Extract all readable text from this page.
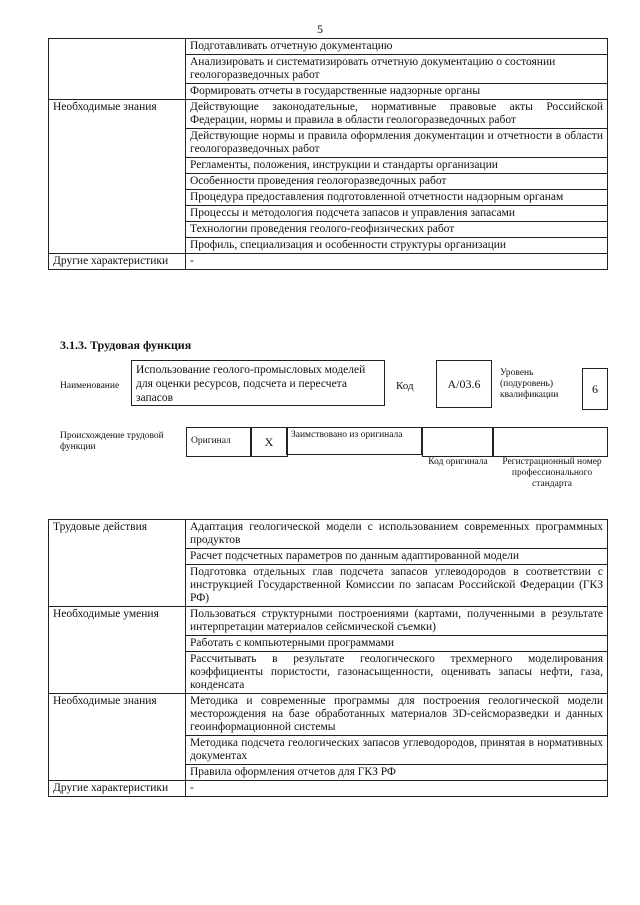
5
	Подготавливать отчетную документацию
	Анализировать и систематизировать отчетную документацию о состоянии геологоразведочных работ
	Формировать отчеты в государственные надзорные органы
Необходимые знания	Действующие законодательные, нормативные правовые акты Российской Федерации, нормы и правила в области геологоразведочных работ
	Действующие нормы и правила оформления документации и отчетности в области геологоразведочных работ
	Регламенты, положения, инструкции и стандарты организации
	Особенности проведения геологоразведочных работ
	Процедура предоставления подготовленной отчетности надзорным органам
	Процессы и методология подсчета запасов и управления запасами
	Технологии проведения геолого-геофизических работ
	Профиль, специализация и особенности структуры организации
Другие характеристики	-
3.1.3. Трудовая функция
Наименование
Использование геолого-промысловых моделей для оценки ресурсов, подсчета и пересчета запасов
Код	А/03.6
Уровень (подуровень) квалификации	6
Происхождение трудовой функции
Оригинал	X	Заимствовано из оригинала
Код оригинала Регистрационный номер профессионального стандарта
Трудовые действия	Адаптация геологической модели с использованием современных программных продуктов
	Расчет подсчетных параметров по данным адаптированной модели
	Подготовка отдельных глав подсчета запасов углеводородов в соответствии с инструкцией Государственной Комиссии по запасам Российской Федерации (ГКЗ РФ)
Необходимые умения	Пользоваться структурными построениями (картами, полученными в результате интерпретации материалов сейсмической съемки)
	Работать с компьютерными программами
	Рассчитывать в результате геологического трехмерного моделирования коэффициенты пористости, газонасыщенности, оценивать запасы нефти, газа, конденсата
Необходимые знания	Методика и современные программы для построения геологической модели месторождения на базе обработанных материалов 3D-сейсморазведки и данных геоинформационной системы
	Методика подсчета геологических запасов углеводородов, принятая в нормативных документах
	Правила оформления отчетов для ГКЗ РФ
Другие характеристики	-
